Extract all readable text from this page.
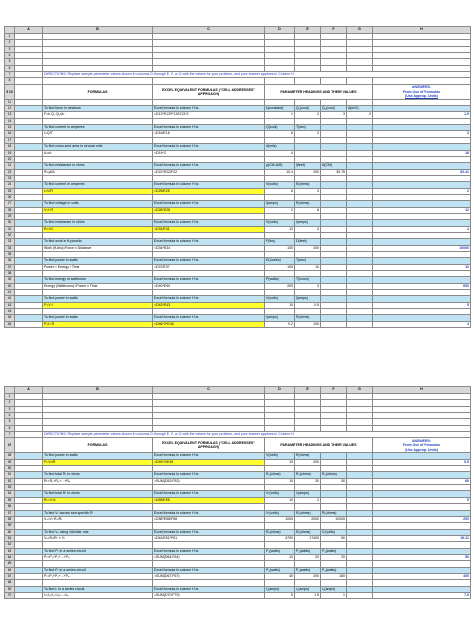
	A	B	C	D	E	F	G	H
1								
2								
3								
4								
5								
6								
7		DIRECTIONS: Replace sample parameter values shown in columns D through E, F, or G with the values for your problem, and your answer appears in Column H.						
8								
9 10		FORMULAS	EXCEL EQUIVALENT FORMULAS ("CELL ADDRESSES" APPROACH)	PARAMETER HEADINGS AND THEIR VALUES				ANSWERS:
From Use of Formulas
(Use Approp. Units)

11								
12		To find force in newtons	Excel formula in column H is:	k(constant)	Q₁(coul)	Q₂(coul)	d(m/V)	
13		F=k·Q₁·Q₂/d²	=D13*E13*F13/G13^2	1	2	3	2	1.5
14								
15		To find current in amperes	Excel formula in column H is:	Q(coul)	T(sec)			
16		I=Q/T	=D16/E16	6	2			3
17								
18		To find cross-sect area in circular mils	Excel formula in column H is:	d(mils)				
19		A=d²	=D19^2	4				16
20								
21		To find resistance in ohms	Excel formula in column H is:	ρ(CM-Ω/ft)	l(feet)	A(CM)		
22		R=ρl/A	=D22*E22/F22	10.4	200	39.75		52.41
23								
24		To find current in amperes	Excel formula in column H is:	V(volts)	R(ohms)			
25		I=V/R	=D25/E25	6	3			2
26								
27		To find voltage in volts	Excel formula in column H is:	I(amps)	R(ohms)			
28		V=I·R	=D28*E28	2	6			12
29								
30		To find resistance in ohms	Excel formula in column H is:	V(volts)	I(amps)			
31		R=V/I	=D31/E31	12	3			4
32								
33		To find work in ft-pounds	Excel formula in column H is:	F(lbs)	D(feet)			
34		Work (ft-lbs)=Force x Distance	=D34*E34	100	100			10000
35								
36		To find power in watts	Excel formula in column H is:	E(Joules)	T(sec)			
37		Power = Energy / Time	=D37/E37	100	10			10
38								
39		To find energy in watthours	Excel formula in column H is:	P(watts)	T(hours)			
40		Energy (Watthours)=Power x Time	=D40*E40	200	3			600
41								
42		To find power in watts	Excel formula in column H is:	V(volts)	I(amps)			
43		P=V·I	=D43*E43	10	0.5			5
44								
45		To find power in watts	Excel formula in column H is:	I(amps)	R(ohms)			
46		P=I²·R	=D46^2*E46	0.2	100			4
	A	B	C	D	E	F	G	H
1								
2								
3								
4								
5								
6								
7		DIRECTIONS: Replace sample parameter values shown in columns D through E, F, or G with the values for your problem, and your answer appears in Column H.						
47		FORMULAS	EXCEL EQUIVALENT FORMULAS ("CELL ADDRESSES" APPROACH)	PARAMETER HEADINGS AND THEIR VALUES				ANSWERS:
From Use of Formulas
(Use Approp. Units)

48		To find power in watts	Excel formula in column H is:	V(volts)	R(ohms)			
49		P=V²/R	=D49^2/E49	10	200			0.5
50								
51		To find total Rₜ in ohms	Excel formula in column H is:	R₁(ohms)	R₂(ohms)	R₃(ohms)		
52		Rₜ=R₁+R₂+...+Rₙ	=SUM(D52:F52)	10	20	30		60
53								
54		To find total Rₜ in ohms	Excel formula in column H is:	Vₜ(volts)	Iₜ(amps)			
55		Rₜ=Vₜ/Iₜ	=D55/E55	10	2			5
56								
57		To find Vₜ across sea specific R	Excel formula in column H is:	Vₜ(volts)	Rₓ(ohms)	Rₜ(ohms)		
58		Vₓ=Vₜ·Rₓ/Rₜ	=D58*E58/F58	1000	2000	10000		200
59								
60		To find Vₓ using Vdivider rule	Excel formula in column H is:	Rₓ(ohms)	Rₜ(ohms)	Vₜ(volts)		
61		Vₓ=Rₓ/Rₜ × Vₜ	=D61/E61*F61	4700	17400	60		16.21
62								
63		To find Pₜ in a series circuit	Excel formula in column H is:	P₁(watts)	P₂(watts)	P₃(watts)		
64		Pₜ=P₁+P₂+...+Pₙ	=SUM(D64:F64)	10	20	20		50
65								
66		To find Pₜ in a series circuit	Excel formula in column H is:	P₁(watts)	P₂(watts)	P₃(watts)		
67		Pₜ=P₁+P₂+...+Pₙ	=SUM(D67:F67)	40	200	160		400
68								
69		To find Iₜ in a series circuit	Excel formula in column H is:	I₁(amps)	I₂(amps)	I₃(amps)		
70		Iₜ=I₁=I₂=I₃=...=Iₙ	=SUM(D70:F70)	5	1.5	1		7.5
